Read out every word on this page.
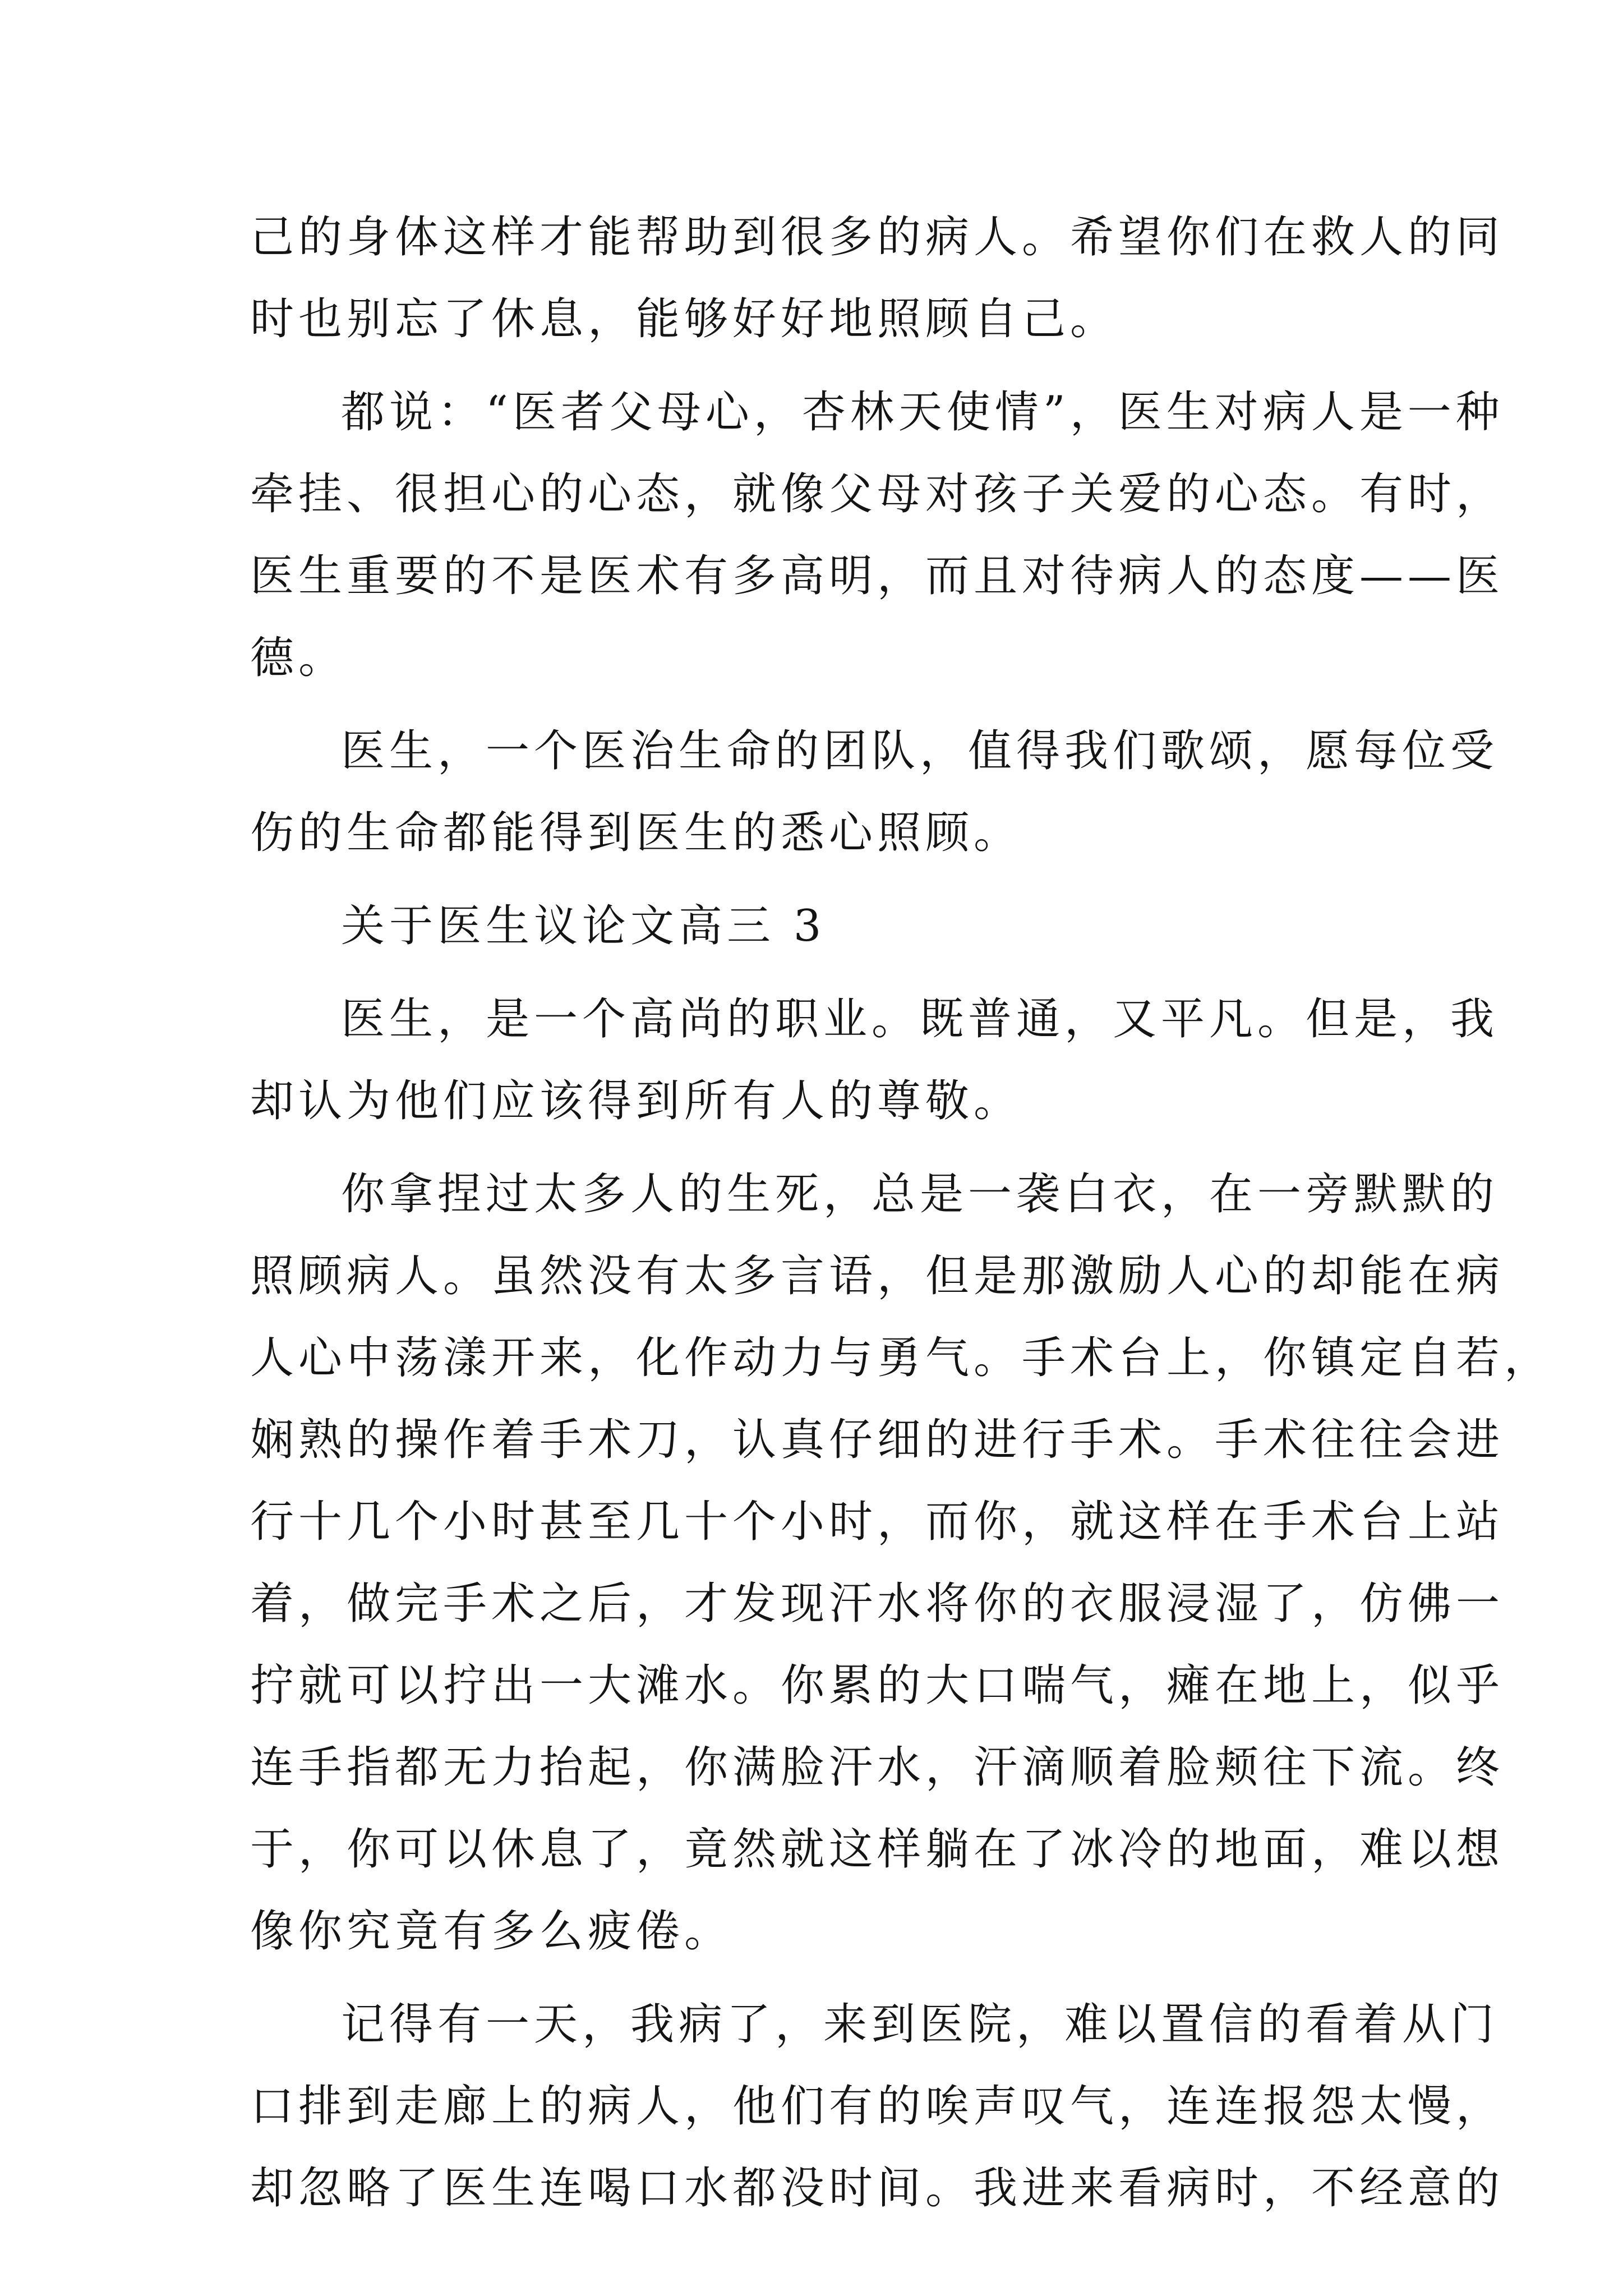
己的身体这样才能帮助到很多的病人。希望你们在救人的同
时也别忘了休息，能够好好地照顾自己。
都说：“医者父母心，杏林天使情”，医生对病人是一种
牵挂、很担心的心态，就像父母对孩子关爱的心态。有时，
医生重要的不是医术有多高明，而且对待病人的态度——医
德。
医生，一个医治生命的团队，值得我们歌颂，愿每位受
伤的生命都能得到医生的悉心照顾。
关于医生议论文高三 3
医生，是一个高尚的职业。既普通，又平凡。但是，我
却认为他们应该得到所有人的尊敬。
你拿捏过太多人的生死，总是一袭白衣，在一旁默默的
照顾病人。虽然没有太多言语，但是那激励人心的却能在病
人心中荡漾开来，化作动力与勇气。手术台上，你镇定自若，
娴熟的操作着手术刀，认真仔细的进行手术。手术往往会进
行十几个小时甚至几十个小时，而你，就这样在手术台上站
着，做完手术之后，才发现汗水将你的衣服浸湿了，仿佛一
拧就可以拧出一大滩水。你累的大口喘气，瘫在地上，似乎
连手指都无力抬起，你满脸汗水，汗滴顺着脸颊往下流。终
于，你可以休息了，竟然就这样躺在了冰冷的地面，难以想
像你究竟有多么疲倦。
记得有一天，我病了，来到医院，难以置信的看着从门
口排到走廊上的病人，他们有的唉声叹气，连连报怨太慢，
却忽略了医生连喝口水都没时间。我进来看病时，不经意的
